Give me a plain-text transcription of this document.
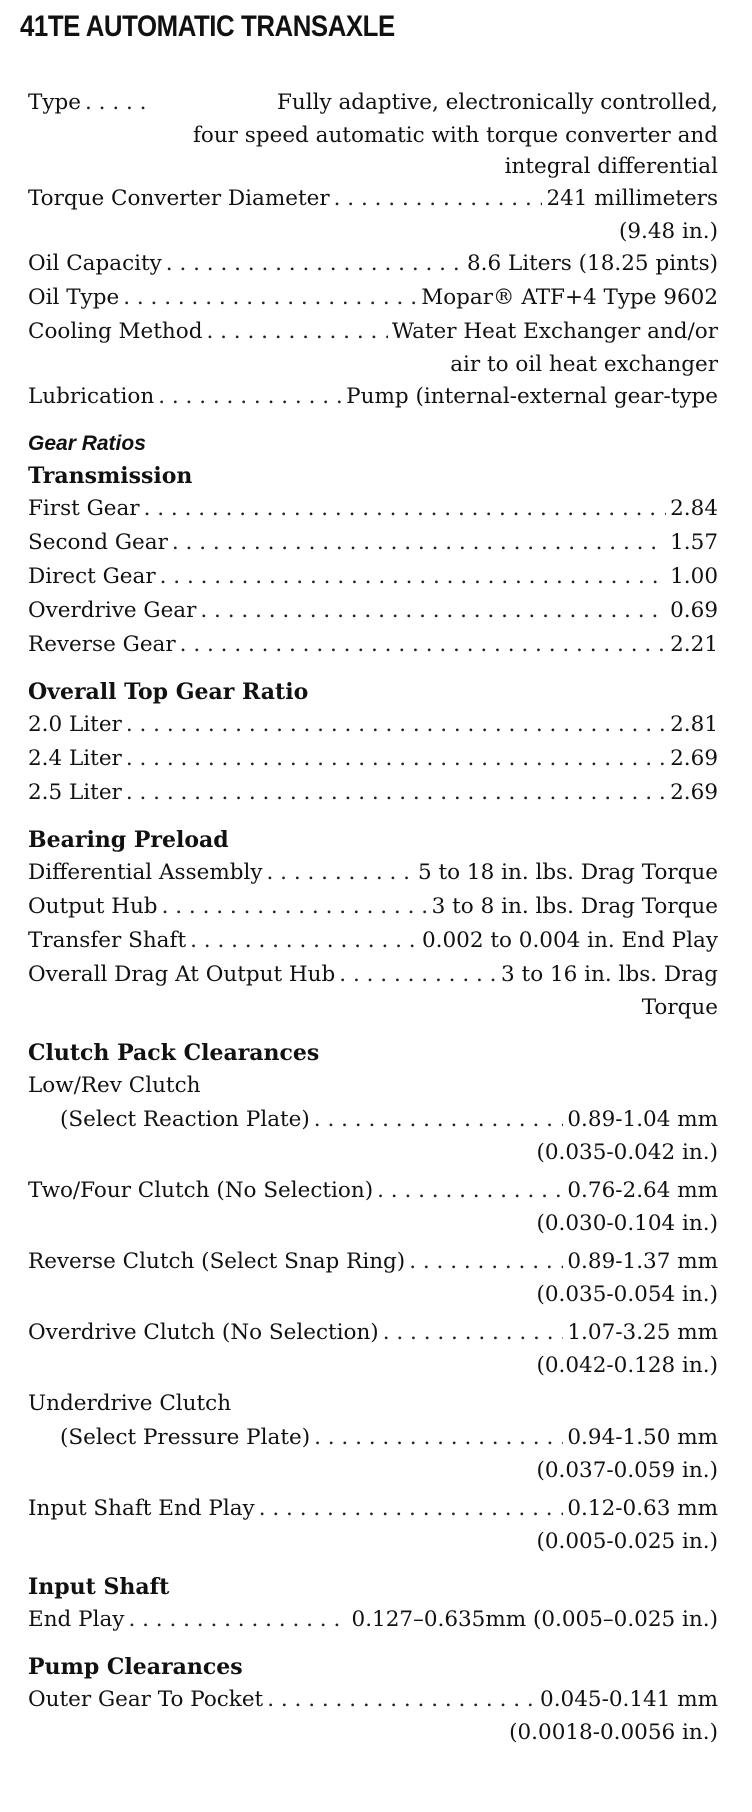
41TE AUTOMATIC TRANSAXLE
Type . . .	Fully adaptive, electronically controlled,
four speed automatic with torque converter and
integral differential
Torque Converter Diameter . . .	241 millimeters
(9.48 in.)
Oil Capacity . . .	8.6 Liters (18.25 pints)
Oil Type . . .	Mopar® ATF+4 Type 9602
Cooling Method . . .	Water Heat Exchanger and/or
air to oil heat exchanger
Lubrication . . .	Pump (internal-external gear-type
Gear Ratios
Transmission
First Gear . . .	2.84
Second Gear . . .	1.57
Direct Gear . . .	1.00
Overdrive Gear . . .	0.69
Reverse Gear . . .	2.21
Overall Top Gear Ratio
2.0 Liter . . .	2.81
2.4 Liter . . .	2.69
2.5 Liter . . .	2.69
Bearing Preload
Differential Assembly . . .	5 to 18 in. lbs. Drag Torque
Output Hub . . .	3 to 8 in. lbs. Drag Torque
Transfer Shaft . . .	0.002 to 0.004 in. End Play
Overall Drag At Output Hub . . .	3 to 16 in. lbs. Drag
Torque
Clutch Pack Clearances
Low/Rev Clutch
(Select Reaction Plate) . . .	0.89-1.04 mm
(0.035-0.042 in.)
Two/Four Clutch (No Selection) . . .	0.76-2.64 mm
(0.030-0.104 in.)
Reverse Clutch (Select Snap Ring) . . .	0.89-1.37 mm
(0.035-0.054 in.)
Overdrive Clutch (No Selection) . . .	1.07-3.25 mm
(0.042-0.128 in.)
Underdrive Clutch
(Select Pressure Plate) . . .	0.94-1.50 mm
(0.037-0.059 in.)
Input Shaft End Play . . .	0.12-0.63 mm
(0.005-0.025 in.)
Input Shaft
End Play . . .	0.127–0.635mm (0.005–0.025 in.)
Pump Clearances
Outer Gear To Pocket . . .	0.045-0.141 mm
(0.0018-0.0056 in.)
